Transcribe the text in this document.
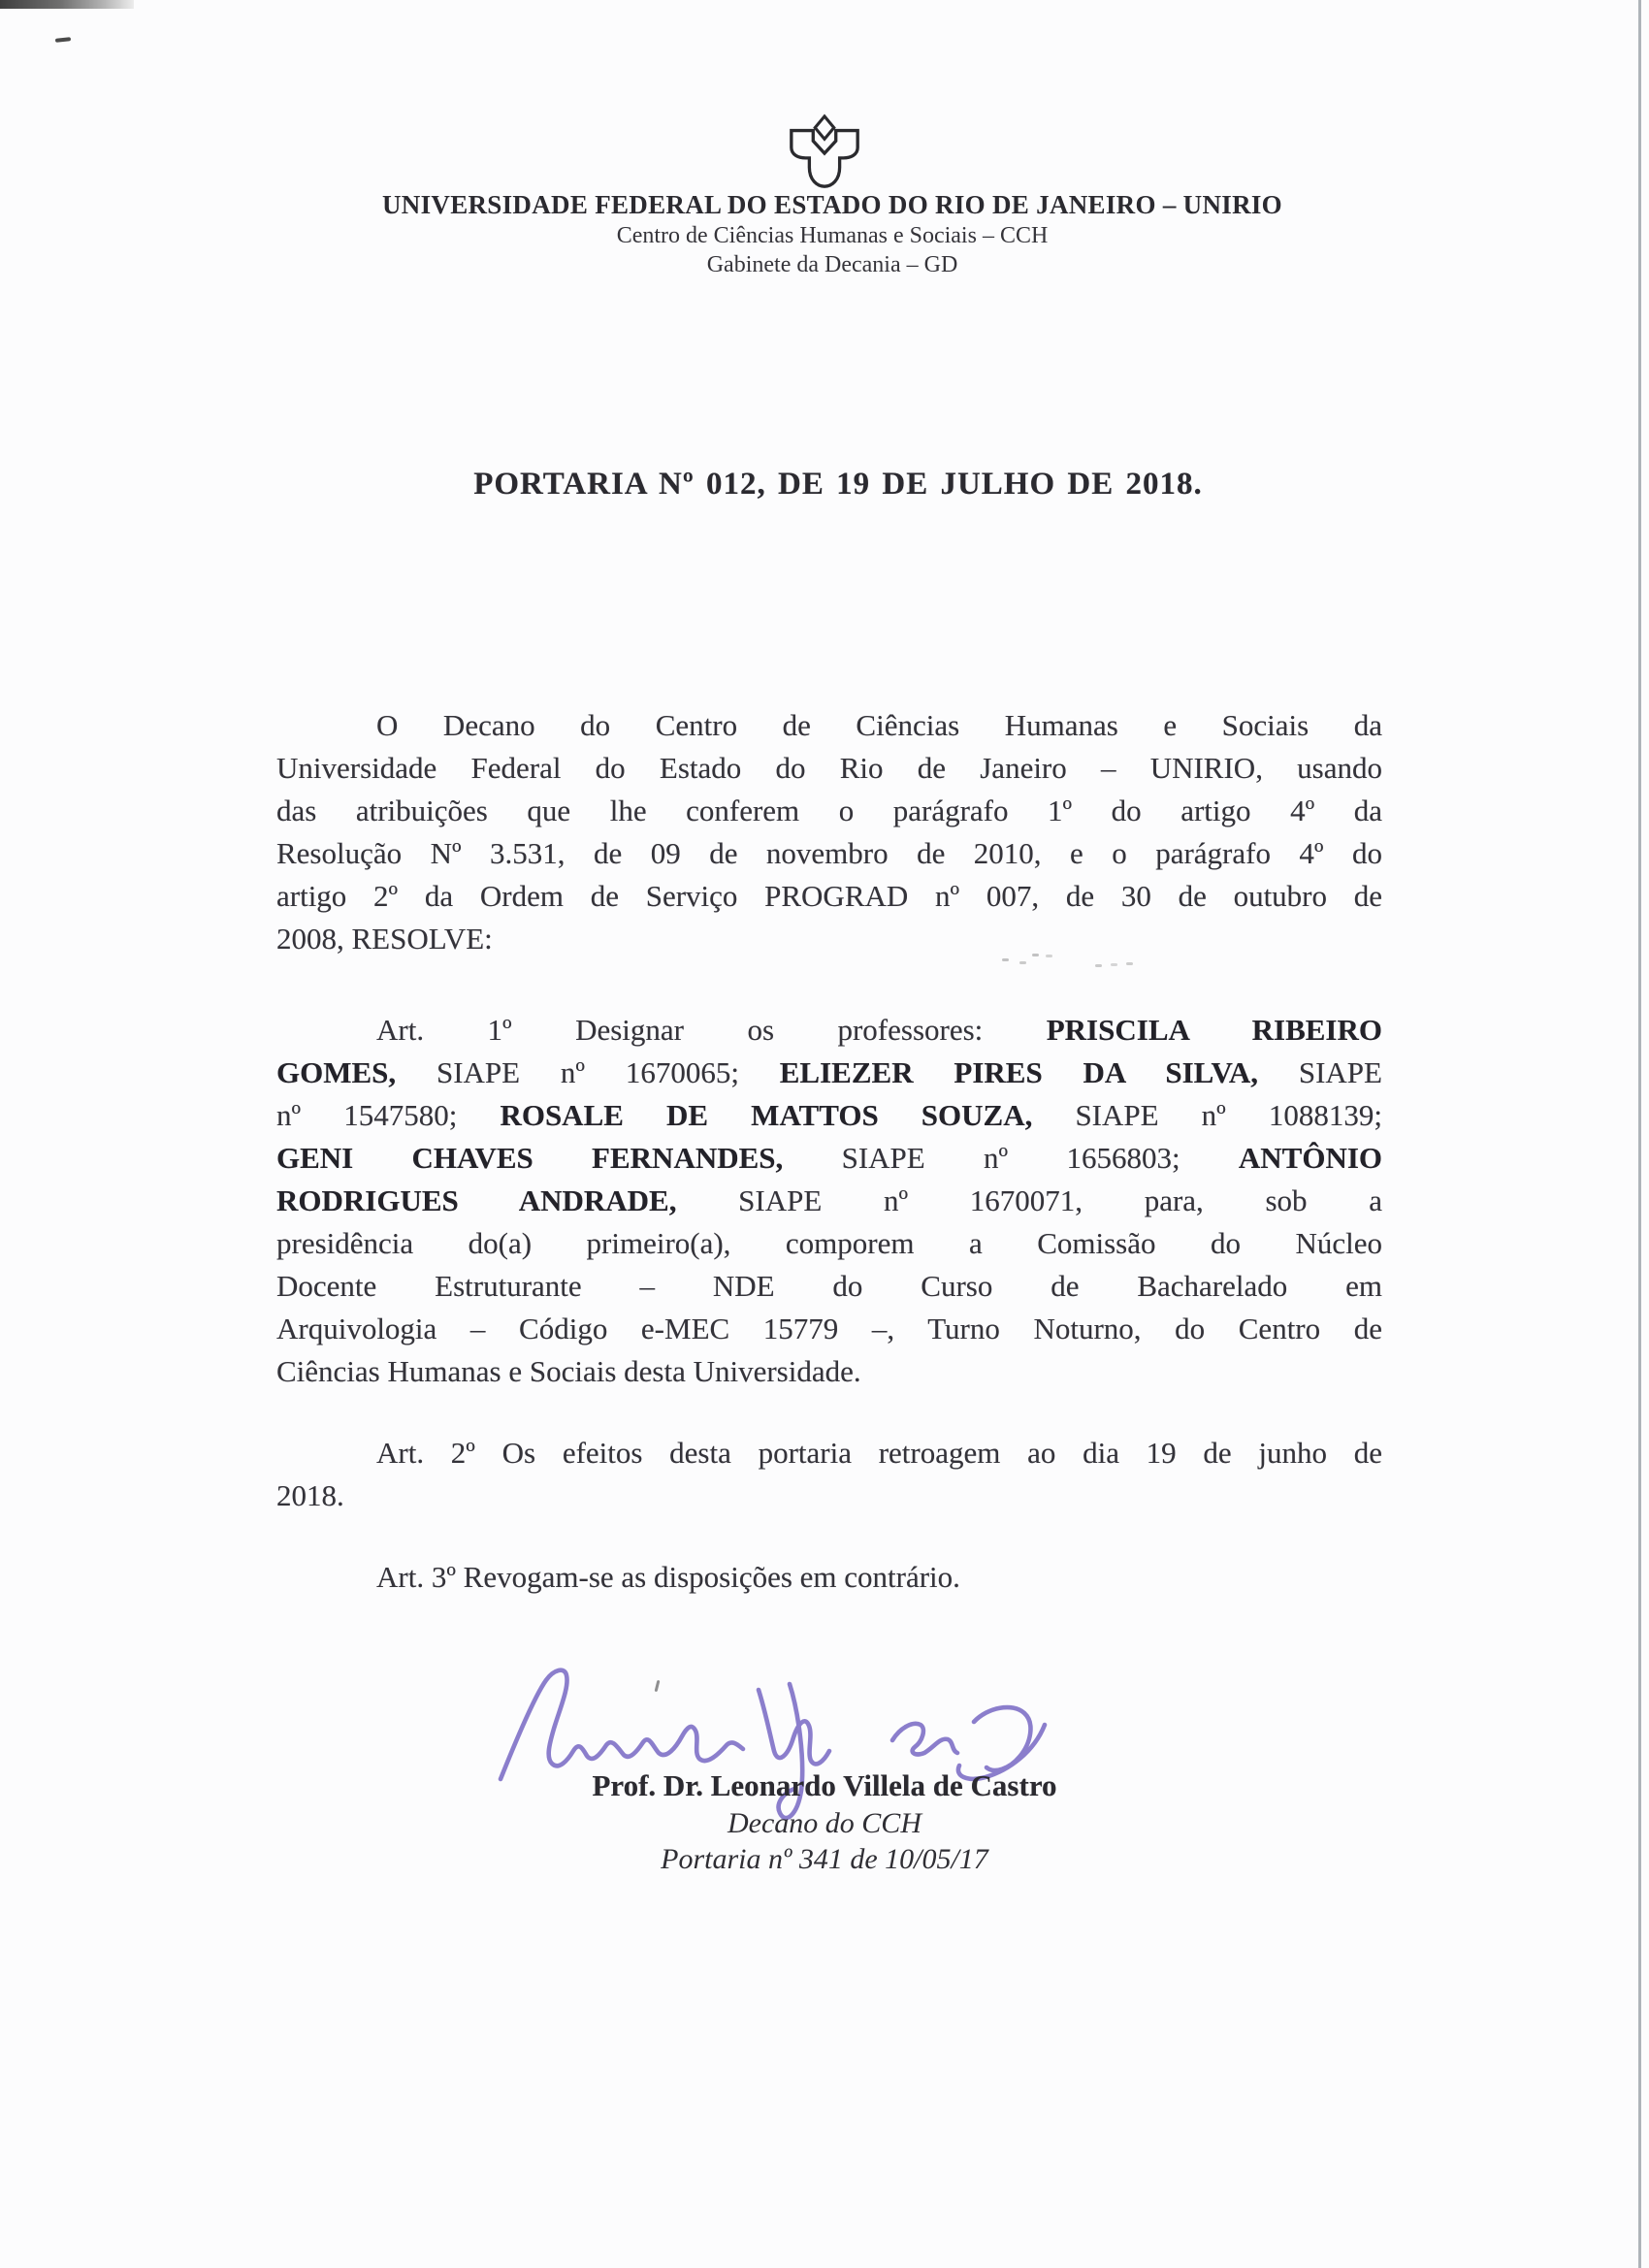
UNIVERSIDADE FEDERAL DO ESTADO DO RIO DE JANEIRO – UNIRIO
Centro de Ciências Humanas e Sociais – CCH
Gabinete da Decania – GD
PORTARIA Nº 012, DE 19 DE JULHO DE 2018.
O Decano do Centro de Ciências Humanas e Sociais da
Universidade Federal do Estado do Rio de Janeiro – UNIRIO, usando
das atribuições que lhe conferem o parágrafo 1º do artigo 4º da
Resolução Nº 3.531, de 09 de novembro de 2010, e o parágrafo 4º do
artigo 2º da Ordem de Serviço PROGRAD nº 007, de 30 de outubro de
2008, RESOLVE:
Art. 1º Designar os professores: PRISCILA RIBEIRO
GOMES, SIAPE nº 1670065; ELIEZER PIRES DA SILVA, SIAPE
nº 1547580; ROSALE DE MATTOS SOUZA, SIAPE nº 1088139;
GENI CHAVES FERNANDES, SIAPE nº 1656803; ANTÔNIO
RODRIGUES ANDRADE, SIAPE nº 1670071, para, sob a
presidência do(a) primeiro(a), comporem a Comissão do Núcleo
Docente Estruturante – NDE do Curso de Bacharelado em
Arquivologia – Código e-MEC 15779 –, Turno Noturno, do Centro de
Ciências Humanas e Sociais desta Universidade.
Art. 2º Os efeitos desta portaria retroagem ao dia 19 de junho de
2018.
Art. 3º Revogam-se as disposições em contrário.
Prof. Dr. Leonardo Villela de Castro
Decano do CCH
Portaria nº 341 de 10/05/17
